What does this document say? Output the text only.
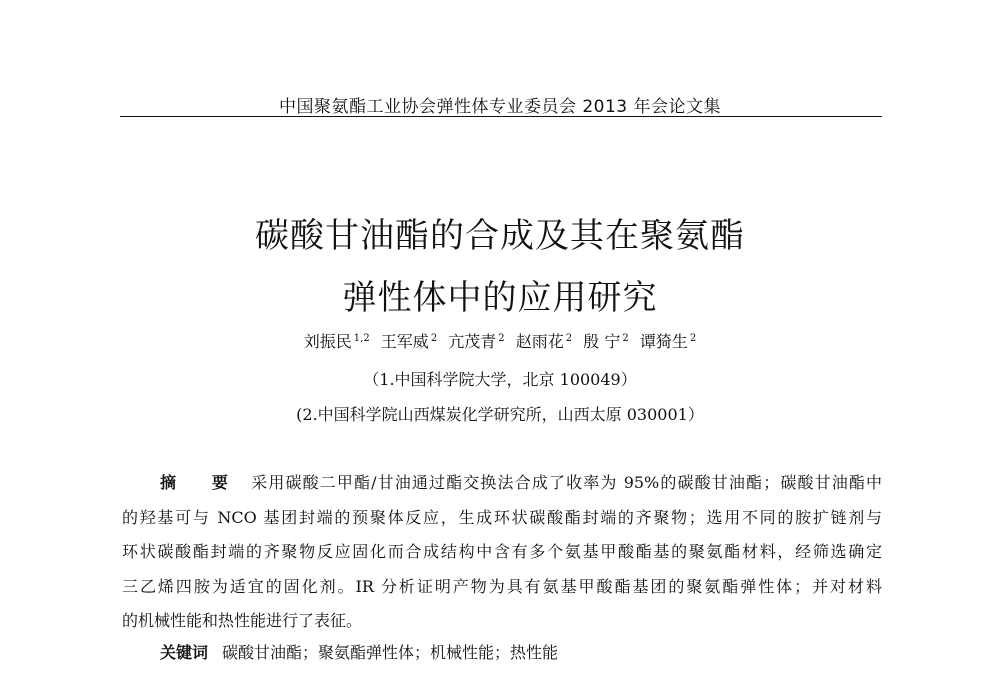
中国聚氨酯工业协会弹性体专业委员会 2013 年会论文集
碳酸甘油酯的合成及其在聚氨酯
弹性体中的应用研究
刘振民 $^{1,2}$ 王军威 $^2$ 亢茂青 $^2$ 赵雨花 $^2$ 殷 宁 $^2$ 谭猗生 $^2$
（1.中国科学院大学，北京 100049）
(2.中国科学院山西煤炭化学研究所，山西太原 030001）
摘 要 采用碳酸二甲酯/甘油通过酯交换法合成了收率为 95%的碳酸甘油酯；碳酸甘油酯中
的羟基可与 NCO 基团封端的预聚体反应，生成环状碳酸酯封端的齐聚物；选用不同的胺扩链剂与
环状碳酸酯封端的齐聚物反应固化而合成结构中含有多个氨基甲酸酯基的聚氨酯材料，经筛选确定
三乙烯四胺为适宜的固化剂。IR 分析证明产物为具有氨基甲酸酯基团的聚氨酯弹性体；并对材料
的机械性能和热性能进行了表征。
关键词 碳酸甘油酯；聚氨酯弹性体；机械性能；热性能
